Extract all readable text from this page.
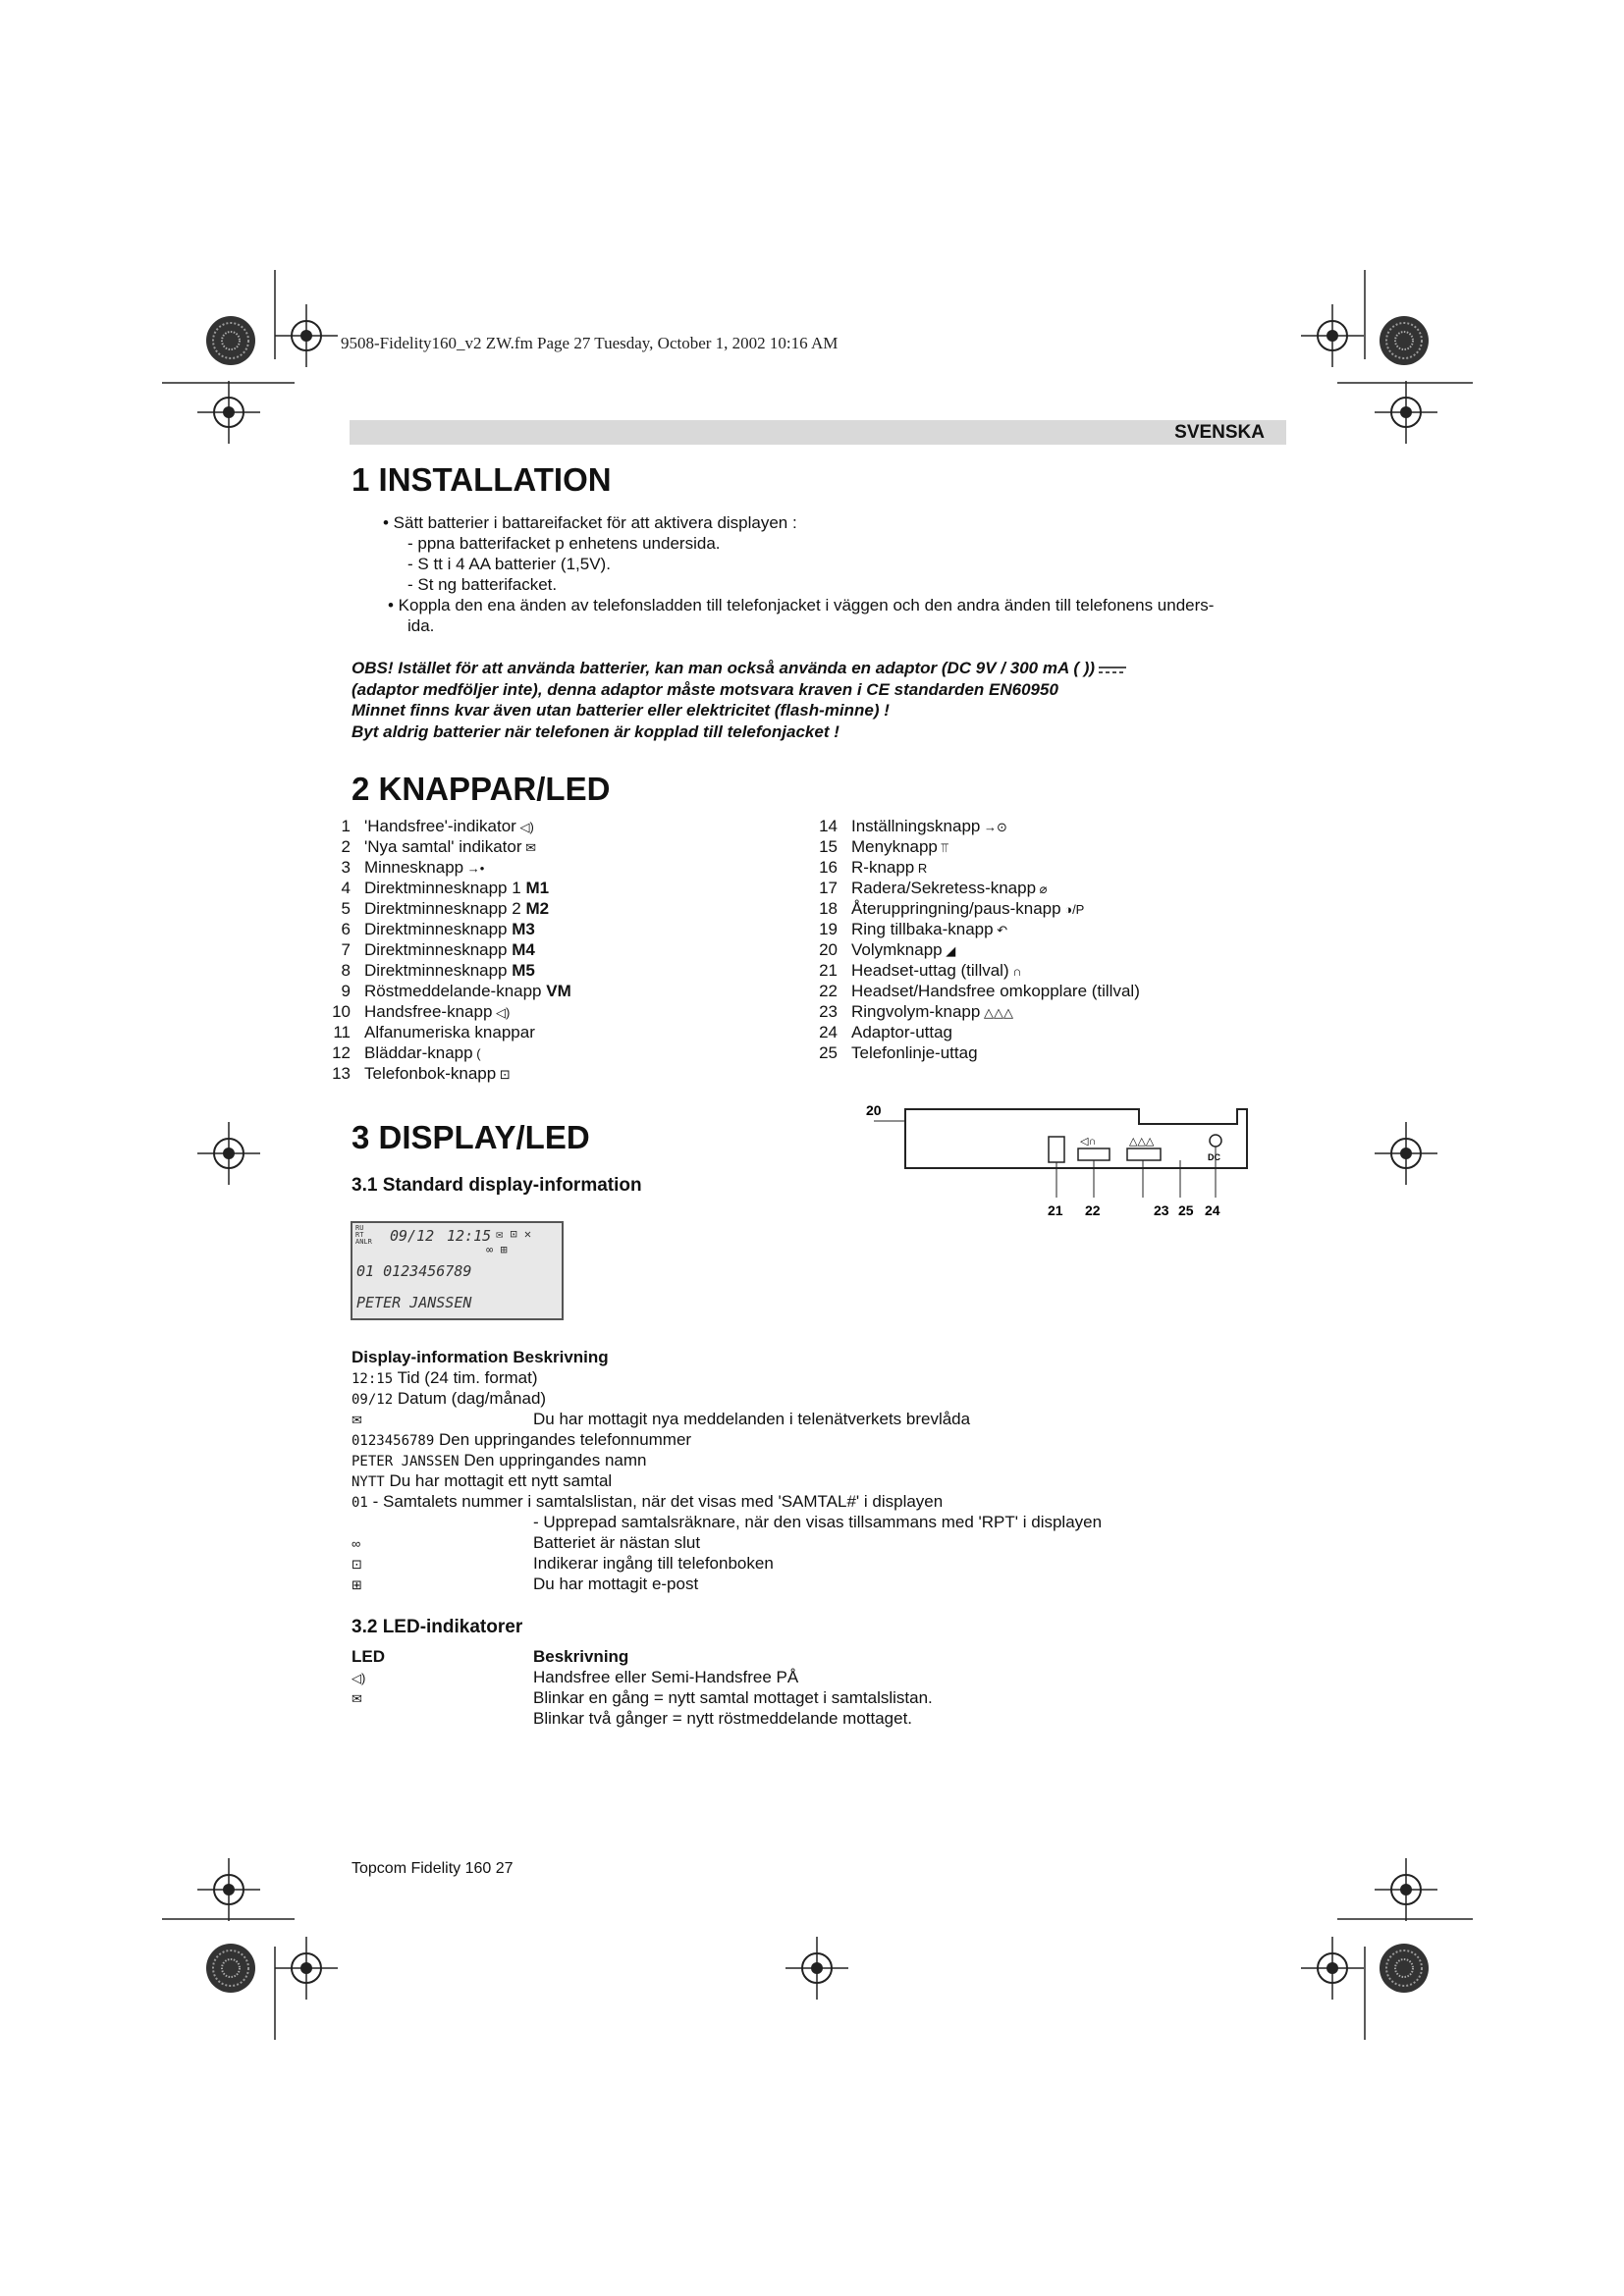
9508-Fidelity160_v2 ZW.fm Page 27 Tuesday, October 1, 2002 10:16 AM
SVENSKA
1 INSTALLATION
• Sätt batterier i battareifacket för att aktivera displayen :
- ppna batterifacket p enhetens undersida.
- S tt i 4 AA batterier (1,5V).
- St ng batterifacket.
• Koppla den ena änden av telefonsladden till telefonjacket i väggen och den andra änden till telefonens unders-
ida.
OBS! Istället för att använda batterier, kan man också använda en adaptor (DC 9V / 300 mA ( ))
(adaptor medföljer inte), denna adaptor måste motsvara kraven i CE standarden EN60950
Minnet finns kvar även utan batterier eller elektricitet (flash-minne) !
Byt aldrig batterier när telefonen är kopplad till telefonjacket !
2 KNAPPAR/LED
1 'Handsfree'-indikator ◁)
2 'Nya samtal' indikator ✉
3 Minnesknapp →•
4 Direktminnesknapp 1 M1
5 Direktminnesknapp 2 M2
6 Direktminnesknapp M3
7 Direktminnesknapp M4
8 Direktminnesknapp M5
9 Röstmeddelande-knapp VM
10 Handsfree-knapp ◁)
11 Alfanumeriska knappar
12 Bläddar-knapp (
13 Telefonbok-knapp ⊡
14 Inställningsknapp →⊙
15 Menyknapp ⫪
16 R-knapp R
17 Radera/Sekretess-knapp ⌀
18 Återuppringning/paus-knapp ◑/P
19 Ring tillbaka-knapp ↶
20 Volymknapp ◢
21 Headset-uttag (tillval) ∩
22 Headset/Handsfree omkopplare (tillval)
23 Ringvolym-knapp △△△
24 Adaptor-uttag
25 Telefonlinje-uttag
20
◁∩	△△△
DC
21 22	23 25 24
3 DISPLAY/LED
3.1 Standard display-information
RU
RT
ANLR 09/12 12:15 ✉ ⊡ ✕
∞ ⊞
01 0123456789
PETER JANSSEN
Display-information Beskrivning
12:15 Tid (24 tim. format)
09/12 Datum (dag/månad)
✉	Du har mottagit nya meddelanden i telenätverkets brevlåda
0123456789 Den uppringandes telefonnummer
PETER JANSSEN Den uppringandes namn
NYTT Du har mottagit ett nytt samtal
01 - Samtalets nummer i samtalslistan, när det visas med 'SAMTAL#' i displayen
- Upprepad samtalsräknare, när den visas tillsammans med 'RPT' i displayen
∞	Batteriet är nästan slut
⊡	Indikerar ingång till telefonboken
⊞	Du har mottagit e-post
3.2 LED-indikatorer
LED	Beskrivning
◁)	Handsfree eller Semi-Handsfree PÅ
✉	Blinkar en gång = nytt samtal mottaget i samtalslistan.
Blinkar två gånger = nytt röstmeddelande mottaget.
Topcom Fidelity 160 27
